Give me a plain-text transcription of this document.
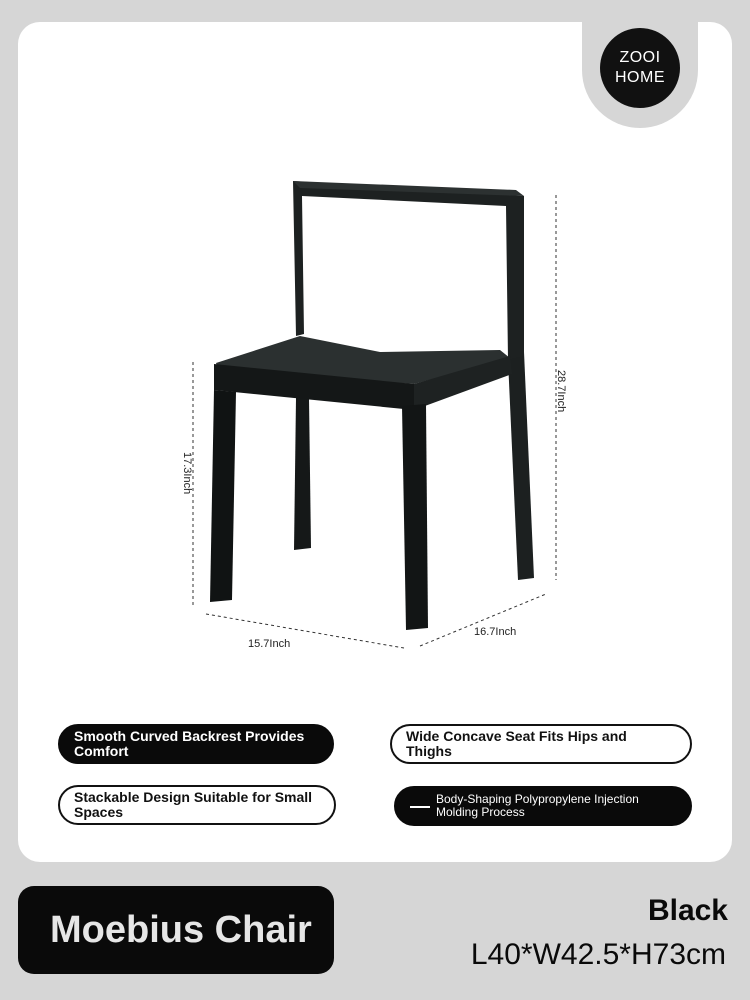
ZOOI
HOME
28.7Inch
17.3Inch
15.7Inch
16.7Inch
Smooth Curved Backrest Provides Comfort
Wide Concave Seat Fits Hips and Thighs
Stackable Design Suitable for Small Spaces
Body-Shaping Polypropylene Injection Molding Process
Moebius Chair	Black
L40*W42.5*H73cm
